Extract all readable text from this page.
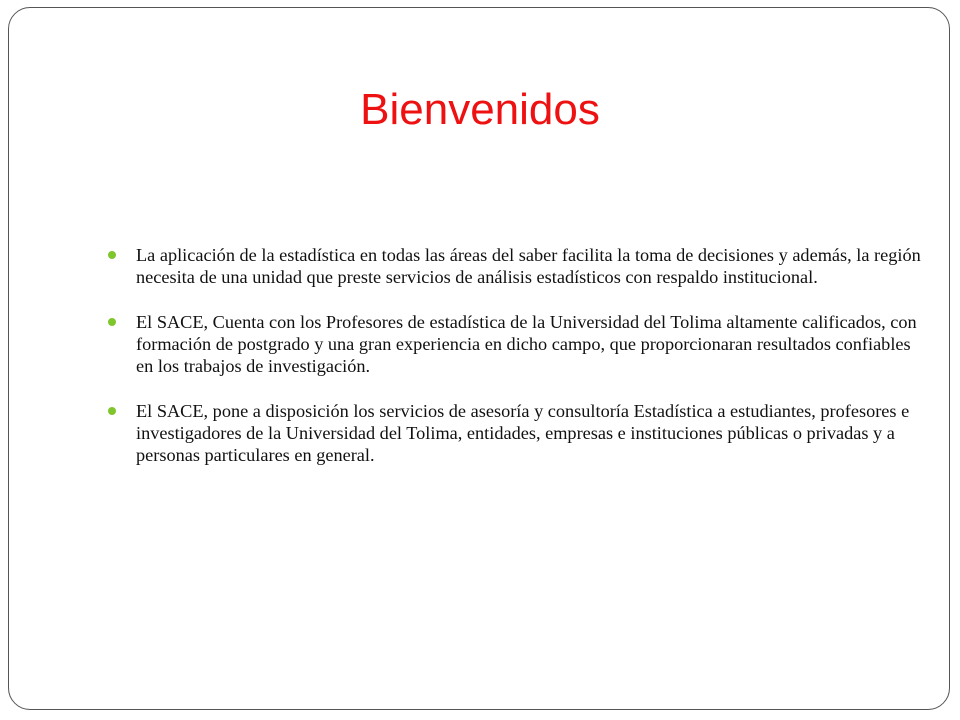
Bienvenidos
La aplicación de la estadística en todas las áreas del saber facilita la toma de decisiones y además, la región necesita de una unidad que preste servicios de análisis estadísticos con respaldo institucional.
El SACE, Cuenta con los Profesores de estadística de la Universidad del Tolima altamente calificados, con formación de postgrado y una gran experiencia en dicho campo, que proporcionaran resultados confiables en los trabajos de investigación.
El SACE, pone a disposición los servicios de asesoría y consultoría Estadística a estudiantes, profesores e investigadores de la Universidad del Tolima, entidades, empresas e instituciones públicas o privadas y a personas particulares en general.
